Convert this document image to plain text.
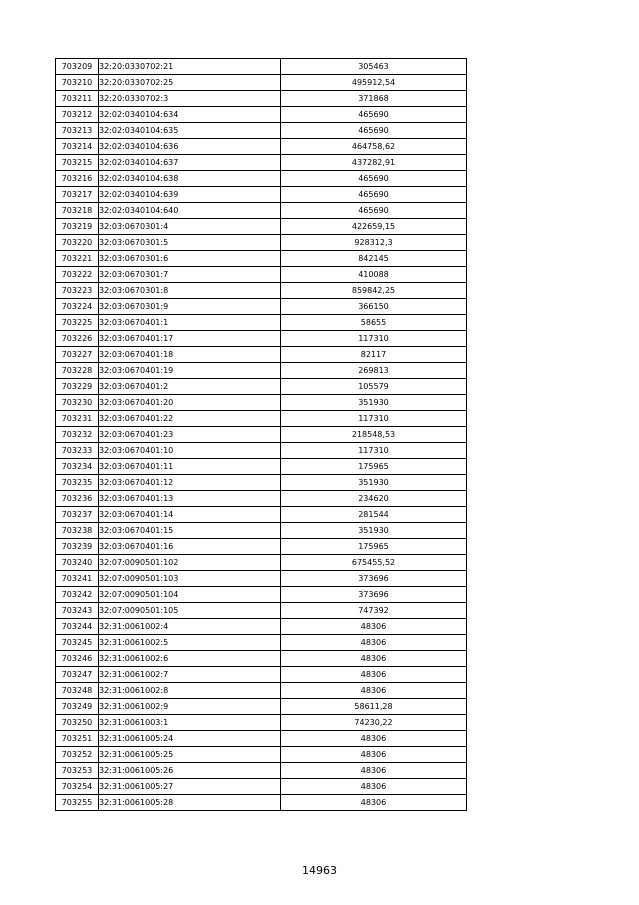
703209	32:20:0330702:21	305463
703210	32:20:0330702:25	495912,54
703211	32:20:0330702:3	371868
703212	32:02:0340104:634	465690
703213	32:02:0340104:635	465690
703214	32:02:0340104:636	464758,62
703215	32:02:0340104:637	437282,91
703216	32:02:0340104:638	465690
703217	32:02:0340104:639	465690
703218	32:02:0340104:640	465690
703219	32:03:0670301:4	422659,15
703220	32:03:0670301:5	928312,3
703221	32:03:0670301:6	842145
703222	32:03:0670301:7	410088
703223	32:03:0670301:8	859842,25
703224	32:03:0670301:9	366150
703225	32:03:0670401:1	58655
703226	32:03:0670401:17	117310
703227	32:03:0670401:18	82117
703228	32:03:0670401:19	269813
703229	32:03:0670401:2	105579
703230	32:03:0670401:20	351930
703231	32:03:0670401:22	117310
703232	32:03:0670401:23	218548,53
703233	32:03:0670401:10	117310
703234	32:03:0670401:11	175965
703235	32:03:0670401:12	351930
703236	32:03:0670401:13	234620
703237	32:03:0670401:14	281544
703238	32:03:0670401:15	351930
703239	32:03:0670401:16	175965
703240	32:07:0090501:102	675455,52
703241	32:07:0090501:103	373696
703242	32:07:0090501:104	373696
703243	32:07:0090501:105	747392
703244	32:31:0061002:4	48306
703245	32:31:0061002:5	48306
703246	32:31:0061002:6	48306
703247	32:31:0061002:7	48306
703248	32:31:0061002:8	48306
703249	32:31:0061002:9	58611,28
703250	32:31:0061003:1	74230,22
703251	32:31:0061005:24	48306
703252	32:31:0061005:25	48306
703253	32:31:0061005:26	48306
703254	32:31:0061005:27	48306
703255	32:31:0061005:28	48306
14963
